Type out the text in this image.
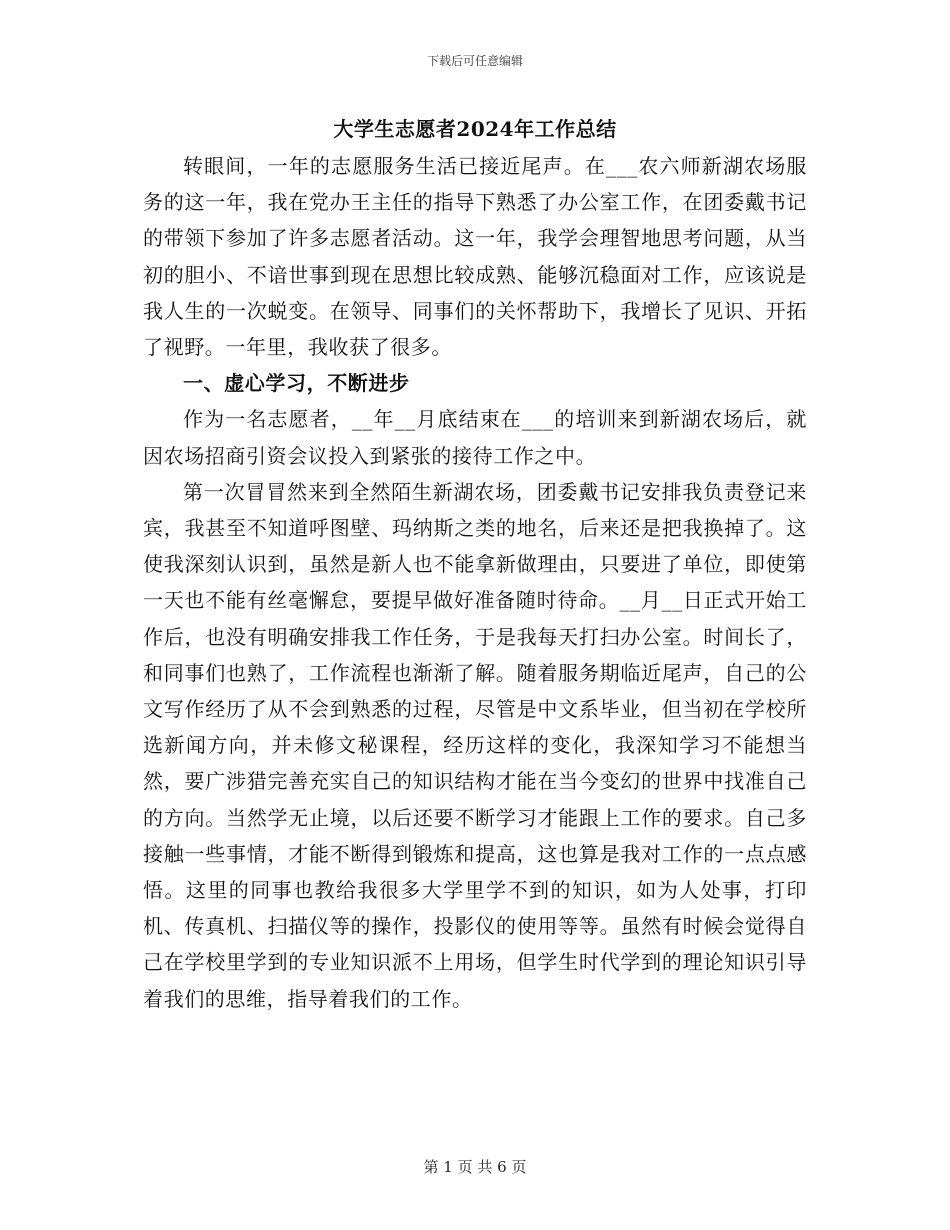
下载后可任意编辑
大学生志愿者2024年工作总结

转眼间，一年的志愿服务生活已接近尾声。在___农六师新湖农场服务的这一年，我在党办王主任的指导下熟悉了办公室工作，在团委戴书记的带领下参加了许多志愿者活动。这一年，我学会理智地思考问题，从当初的胆小、不谙世事到现在思想比较成熟、能够沉稳面对工作，应该说是我人生的一次蜕变。在领导、同事们的关怀帮助下，我增长了见识、开拓了视野。一年里，我收获了很多。

一、虚心学习，不断进步

作为一名志愿者，__年__月底结束在___的培训来到新湖农场后，就因农场招商引资会议投入到紧张的接待工作之中。

第一次冒冒然来到全然陌生新湖农场，团委戴书记安排我负责登记来宾，我甚至不知道呼图壁、玛纳斯之类的地名，后来还是把我换掉了。这使我深刻认识到，虽然是新人也不能拿新做理由，只要进了单位，即使第一天也不能有丝毫懈怠，要提早做好准备随时待命。__月__日正式开始工作后，也没有明确安排我工作任务，于是我每天打扫办公室。时间长了，和同事们也熟了，工作流程也渐渐了解。随着服务期临近尾声，自己的公文写作经历了从不会到熟悉的过程，尽管是中文系毕业，但当初在学校所选新闻方向，并未修文秘课程，经历这样的变化，我深知学习不能想当然，要广涉猎完善充实自己的知识结构才能在当今变幻的世界中找准自己的方向。当然学无止境，以后还要不断学习才能跟上工作的要求。自己多接触一些事情，才能不断得到锻炼和提高，这也算是我对工作的一点点感悟。这里的同事也教给我很多大学里学不到的知识，如为人处事，打印机、传真机、扫描仪等的操作，投影仪的使用等等。虽然有时候会觉得自己在学校里学到的专业知识派不上用场，但学生时代学到的理论知识引导着我们的思维，指导着我们的工作。

第 1 页 共 6 页
